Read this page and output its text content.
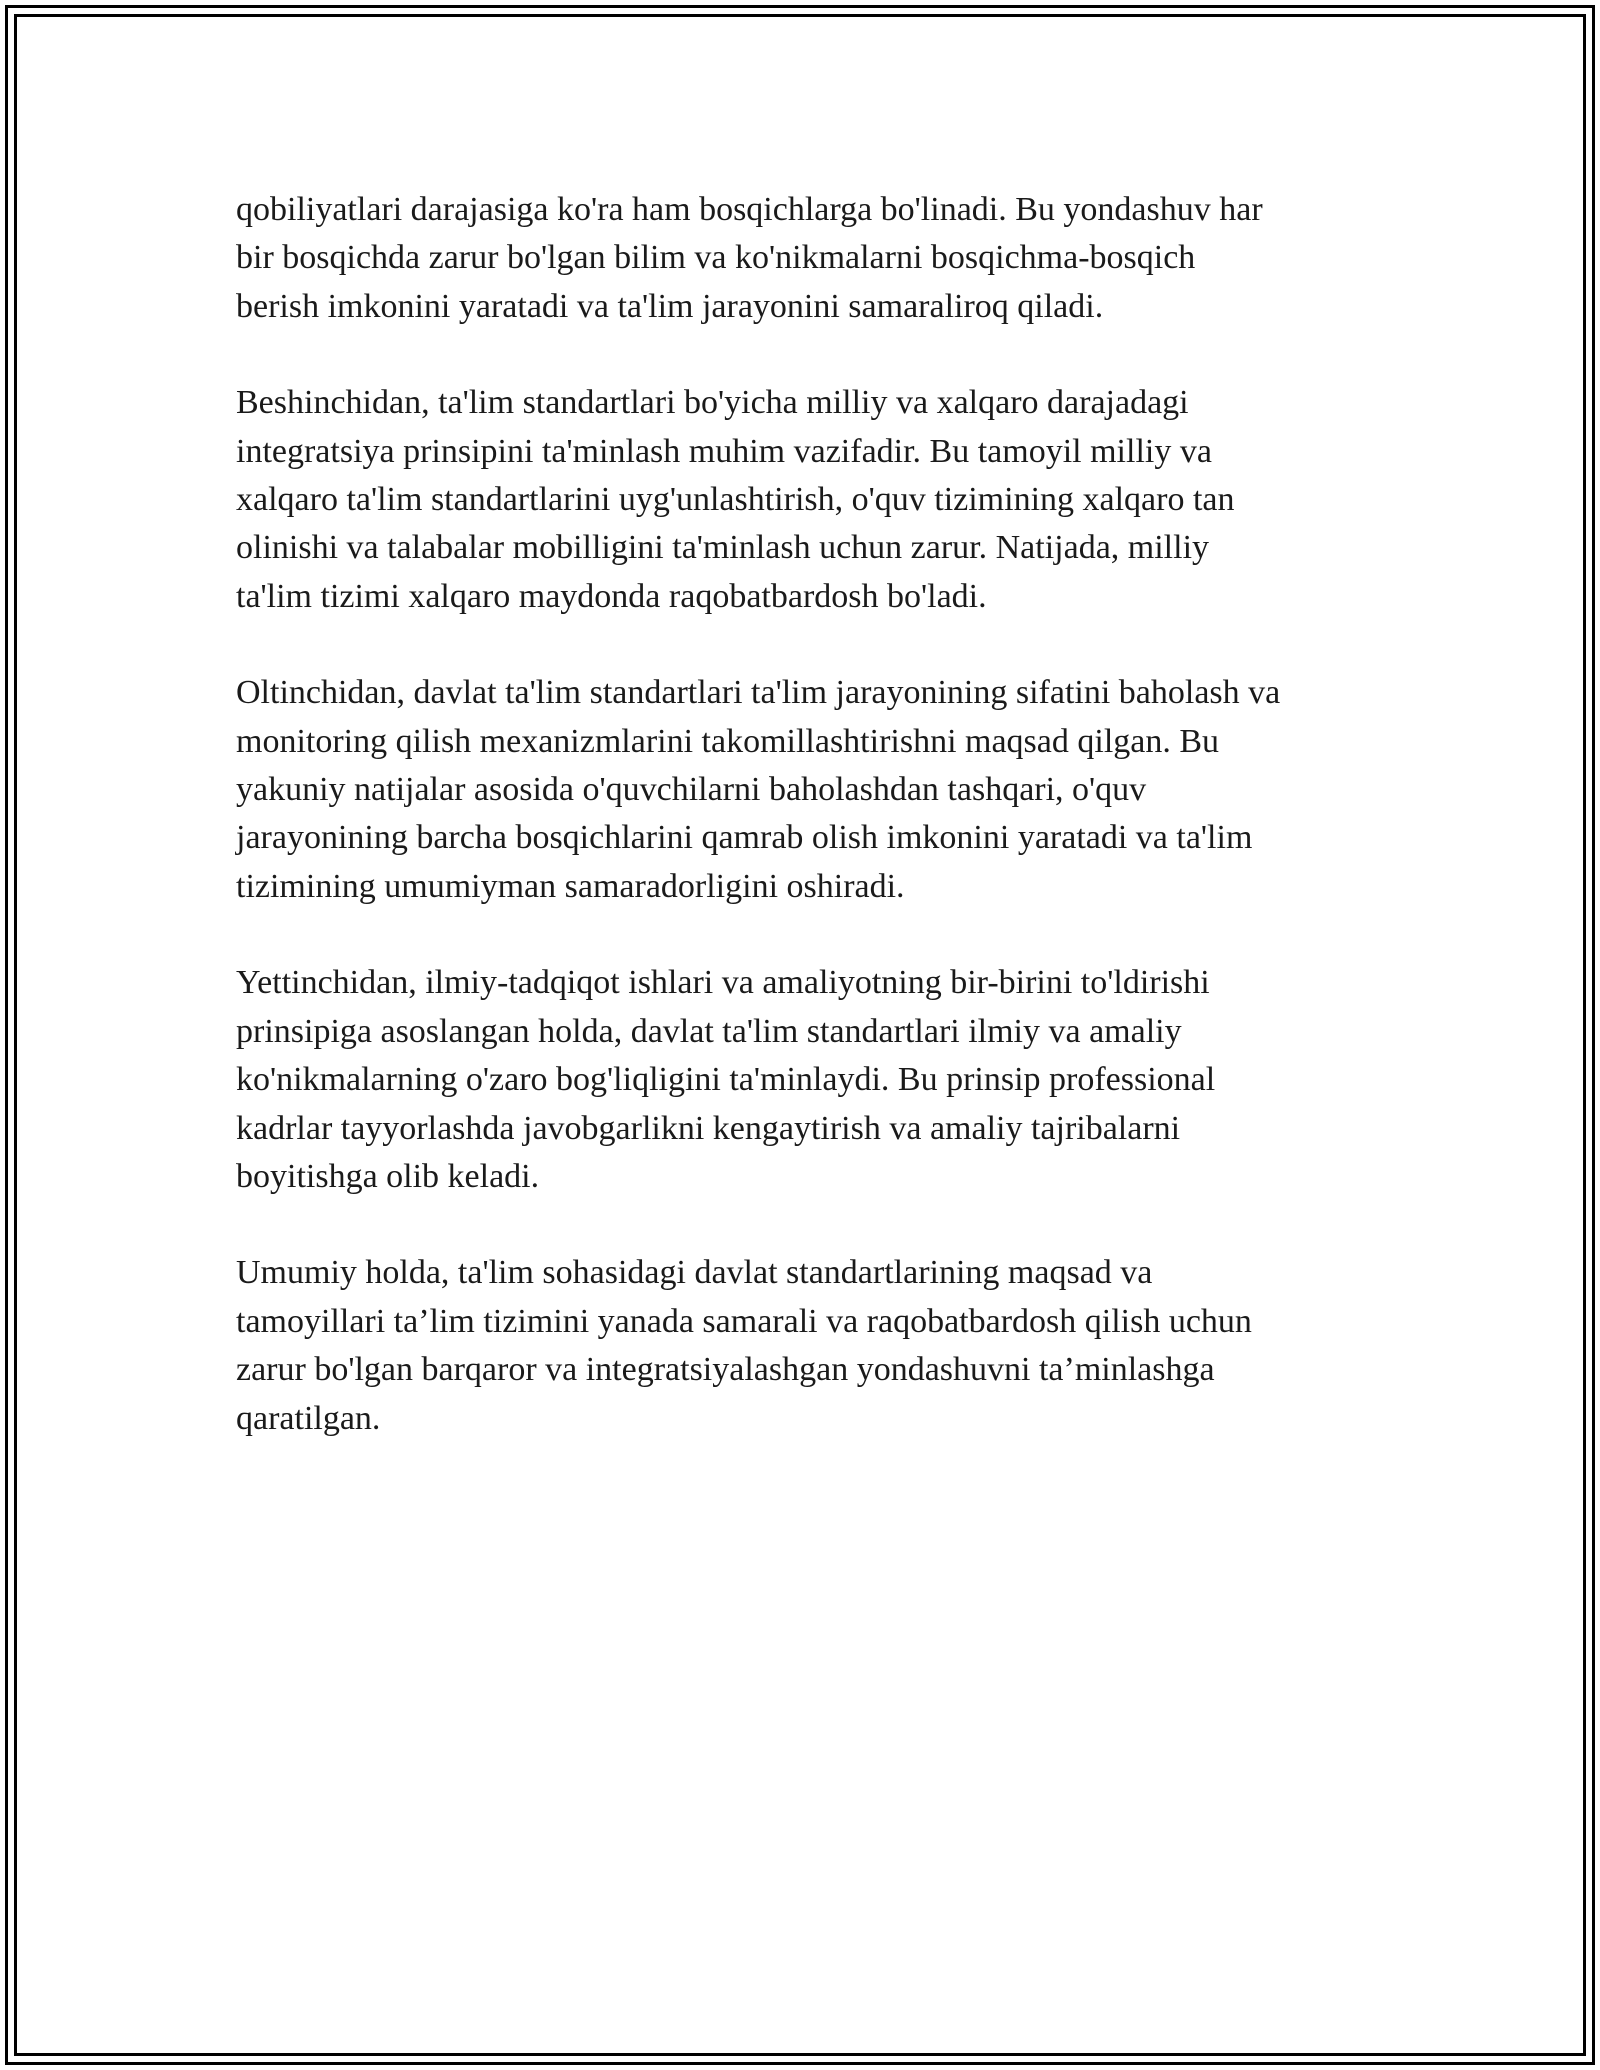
qobiliyatlari darajasiga ko'ra ham bosqichlarga bo'linadi. Bu yondashuv har
bir bosqichda zarur bo'lgan bilim va ko'nikmalarni bosqichma-bosqich
berish imkonini yaratadi va ta'lim jarayonini samaraliroq qiladi.

Beshinchidan, ta'lim standartlari bo'yicha milliy va xalqaro darajadagi
integratsiya prinsipini ta'minlash muhim vazifadir. Bu tamoyil milliy va
xalqaro ta'lim standartlarini uyg'unlashtirish, o'quv tizimining xalqaro tan
olinishi va talabalar mobilligini ta'minlash uchun zarur. Natijada, milliy
ta'lim tizimi xalqaro maydonda raqobatbardosh bo'ladi.

Oltinchidan, davlat ta'lim standartlari ta'lim jarayonining sifatini baholash va
monitoring qilish mexanizmlarini takomillashtirishni maqsad qilgan. Bu
yakuniy natijalar asosida o'quvchilarni baholashdan tashqari, o'quv
jarayonining barcha bosqichlarini qamrab olish imkonini yaratadi va ta'lim
tizimining umumiyman samaradorligini oshiradi.

Yettinchidan, ilmiy-tadqiqot ishlari va amaliyotning bir-birini to'ldirishi
prinsipiga asoslangan holda, davlat ta'lim standartlari ilmiy va amaliy
ko'nikmalarning o'zaro bog'liqligini ta'minlaydi. Bu prinsip professional
kadrlar tayyorlashda javobgarlikni kengaytirish va amaliy tajribalarni
boyitishga olib keladi.

Umumiy holda, ta'lim sohasidagi davlat standartlarining maqsad va
tamoyillari ta’lim tizimini yanada samarali va raqobatbardosh qilish uchun
zarur bo'lgan barqaror va integratsiyalashgan yondashuvni ta’minlashga
qaratilgan.
